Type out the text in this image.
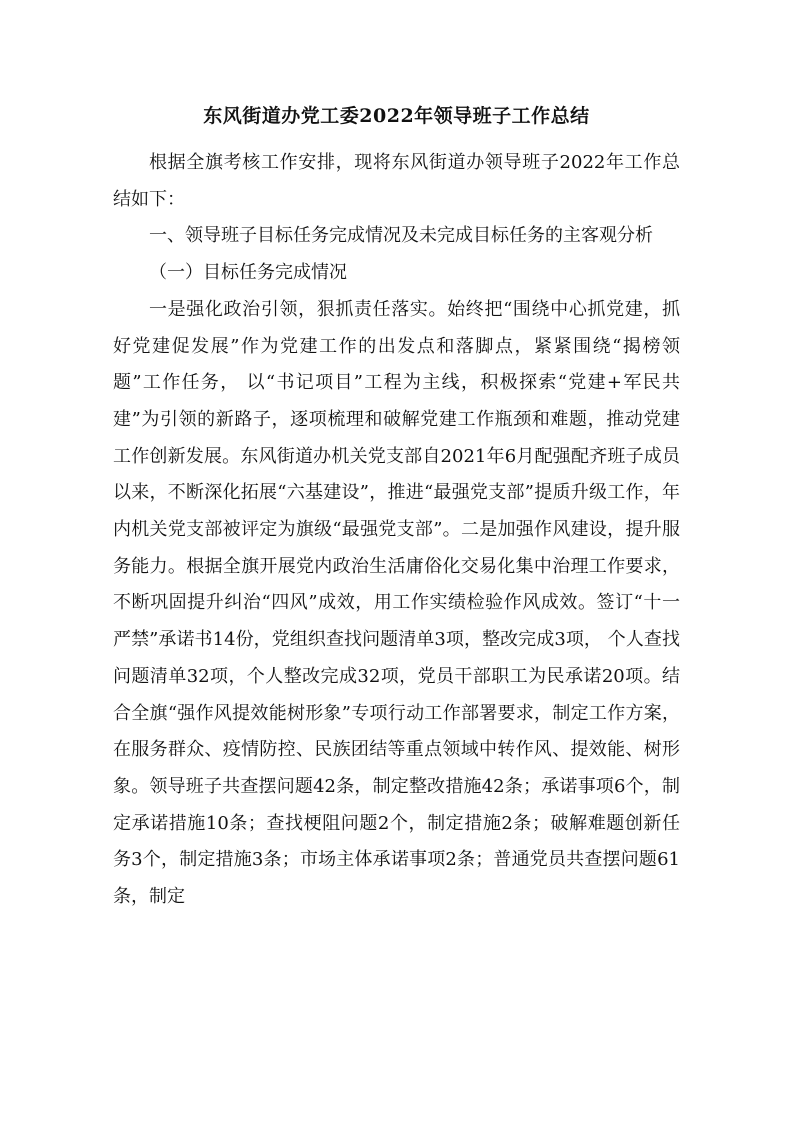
东风街道办党工委2022年领导班子工作总结

根据全旗考核工作安排，现将东风街道办领导班子2022年工作总结如下：

一、领导班子目标任务完成情况及未完成目标任务的主客观分析

（一）目标任务完成情况

一是强化政治引领，狠抓责任落实。始终把“围绕中心抓党建，抓好党建促发展”作为党建工作的出发点和落脚点，紧紧围绕“揭榜领题”工作任务， 以“书记项目”工程为主线，积极探索“党建+军民共建”为引领的新路子，逐项梳理和破解党建工作瓶颈和难题，推动党建工作创新发展。东风街道办机关党支部自2021年6月配强配齐班子成员以来，不断深化拓展“六基建设”，推进“最强党支部”提质升级工作，年内机关党支部被评定为旗级“最强党支部”。二是加强作风建设，提升服务能力。根据全旗开展党内政治生活庸俗化交易化集中治理工作要求，不断巩固提升纠治“四风”成效，用工作实绩检验作风成效。签订“十一严禁”承诺书14份，党组织查找问题清单3项，整改完成3项， 个人查找问题清单32项，个人整改完成32项，党员干部职工为民承诺20项。结合全旗“强作风提效能树形象”专项行动工作部署要求，制定工作方案，在服务群众、疫情防控、民族团结等重点领域中转作风、提效能、树形象。领导班子共查摆问题42条，制定整改措施42条；承诺事项6个，制定承诺措施10条；查找梗阻问题2个，制定措施2条；破解难题创新任务3个，制定措施3条；市场主体承诺事项2条；普通党员共查摆问题61条，制定
